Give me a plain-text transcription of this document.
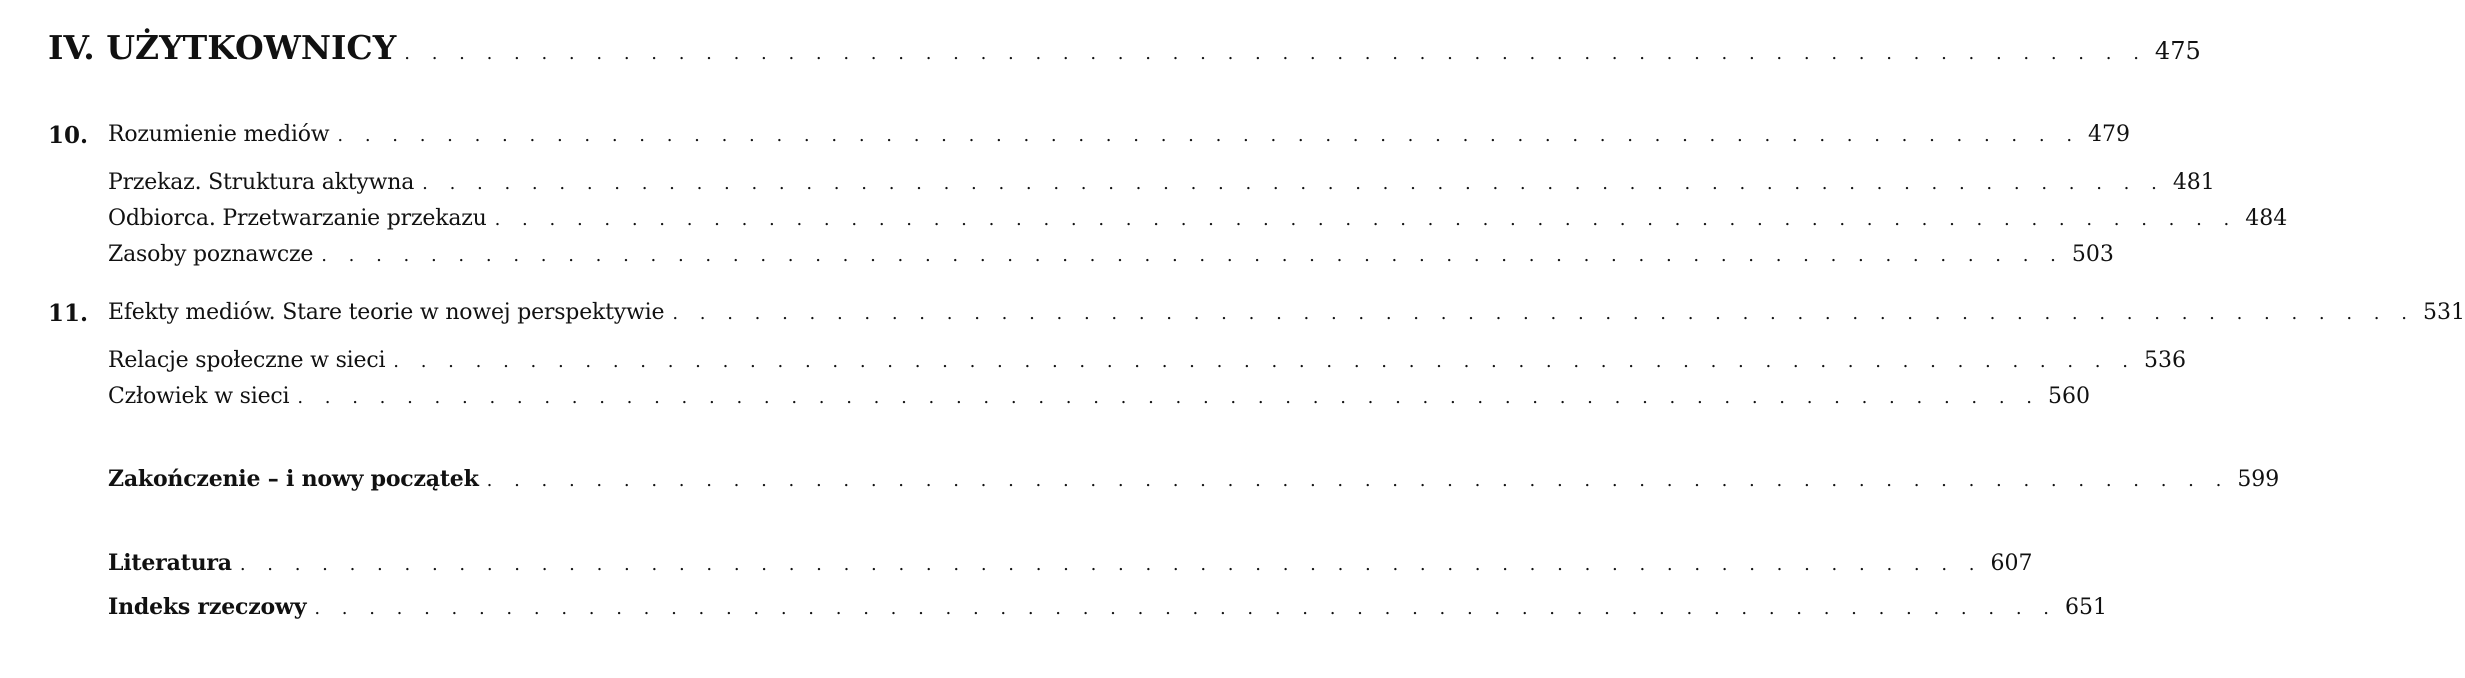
IV. UŻYTKOWNICY . . . . . . . . . . . . . . . . . . . . . . . . . . . . . . . . . . . . . . . . . . . . . . . . . . . . . . . . . . . . . . . . 475
10. Rozumienie mediów . . . . . . . . . . . . . . . . . . . . . . . . . . . . . . . . . . . . . . . . . . . . . . . . . . . . . . . . . . . . . . . . 479
Przekaz. Struktura aktywna . . . . . . . . . . . . . . . . . . . . . . . . . . . . . . . . . . . . . . . . . . . . . . . . . . . . . . . . . . . . . . . . 481
Odbiorca. Przetwarzanie przekazu . . . . . . . . . . . . . . . . . . . . . . . . . . . . . . . . . . . . . . . . . . . . . . . . . . . . . . . . . . . . . . . . 484
Zasoby poznawcze . . . . . . . . . . . . . . . . . . . . . . . . . . . . . . . . . . . . . . . . . . . . . . . . . . . . . . . . . . . . . . . . 503
11. Efekty mediów. Stare teorie w nowej perspektywie . . . . . . . . . . . . . . . . . . . . . . . . . . . . . . . . . . . . . . . . . . . . . . . . . . . . . . . . . . . . . . . . 531
Relacje społeczne w sieci . . . . . . . . . . . . . . . . . . . . . . . . . . . . . . . . . . . . . . . . . . . . . . . . . . . . . . . . . . . . . . . . 536
Człowiek w sieci . . . . . . . . . . . . . . . . . . . . . . . . . . . . . . . . . . . . . . . . . . . . . . . . . . . . . . . . . . . . . . . . 560
Zakończenie – i nowy początek . . . . . . . . . . . . . . . . . . . . . . . . . . . . . . . . . . . . . . . . . . . . . . . . . . . . . . . . . . . . . . . . 599
Literatura . . . . . . . . . . . . . . . . . . . . . . . . . . . . . . . . . . . . . . . . . . . . . . . . . . . . . . . . . . . . . . . . 607
Indeks rzeczowy . . . . . . . . . . . . . . . . . . . . . . . . . . . . . . . . . . . . . . . . . . . . . . . . . . . . . . . . . . . . . . . . 651
